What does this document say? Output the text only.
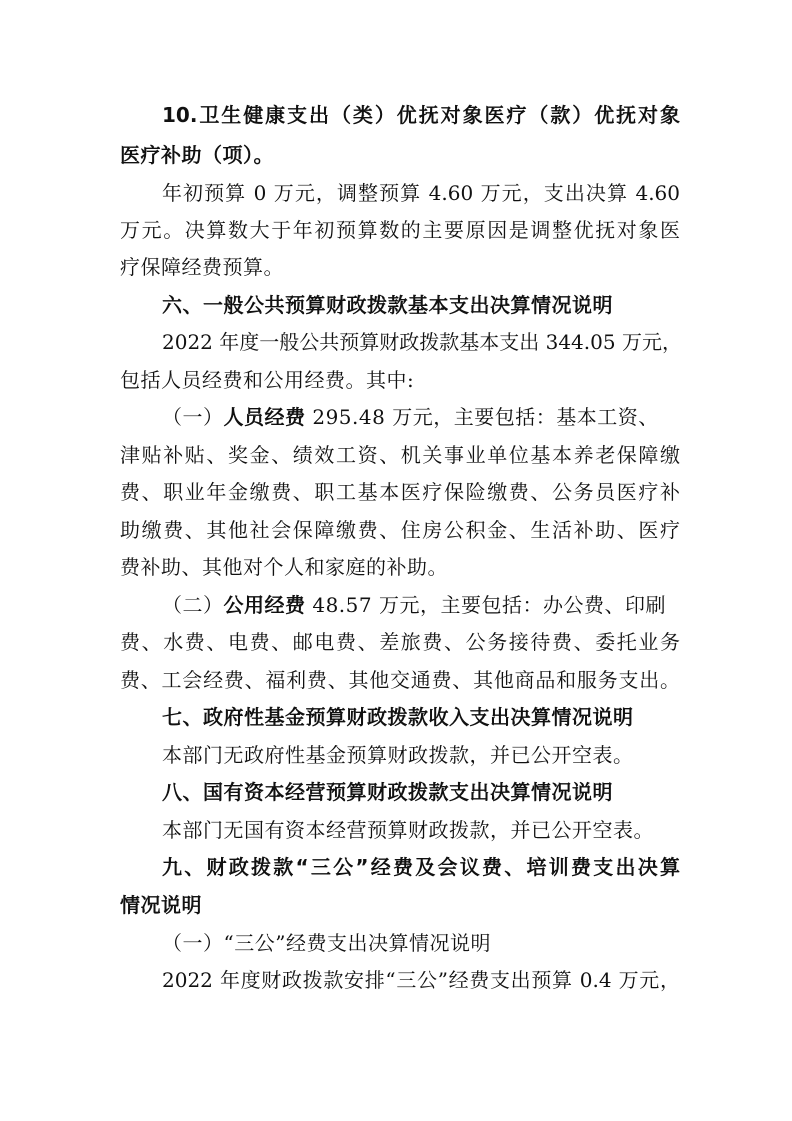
10.卫生健康支出（类）优抚对象医疗（款）优抚对象
医疗补助（项）。
年初预算 0 万元，调整预算 4.60 万元，支出决算 4.60
万元。决算数大于年初预算数的主要原因是调整优抚对象医
疗保障经费预算。
六、一般公共预算财政拨款基本支出决算情况说明
2022 年度一般公共预算财政拨款基本支出 344.05 万元，
包括人员经费和公用经费。其中:
（一）人员经费 295.48 万元，主要包括：基本工资、
津贴补贴、奖金、绩效工资、机关事业单位基本养老保障缴
费、职业年金缴费、职工基本医疗保险缴费、公务员医疗补
助缴费、其他社会保障缴费、住房公积金、生活补助、医疗
费补助、其他对个人和家庭的补助。
（二）公用经费 48.57 万元，主要包括：办公费、印刷
费、水费、电费、邮电费、差旅费、公务接待费、委托业务
费、工会经费、福利费、其他交通费、其他商品和服务支出。
七、政府性基金预算财政拨款收入支出决算情况说明
本部门无政府性基金预算财政拨款，并已公开空表。
八、国有资本经营预算财政拨款支出决算情况说明
本部门无国有资本经营预算财政拨款，并已公开空表。
九、财政拨款“三公”经费及会议费、培训费支出决算
情况说明
（一）“三公”经费支出决算情况说明
2022 年度财政拨款安排“三公”经费支出预算 0.4 万元，
